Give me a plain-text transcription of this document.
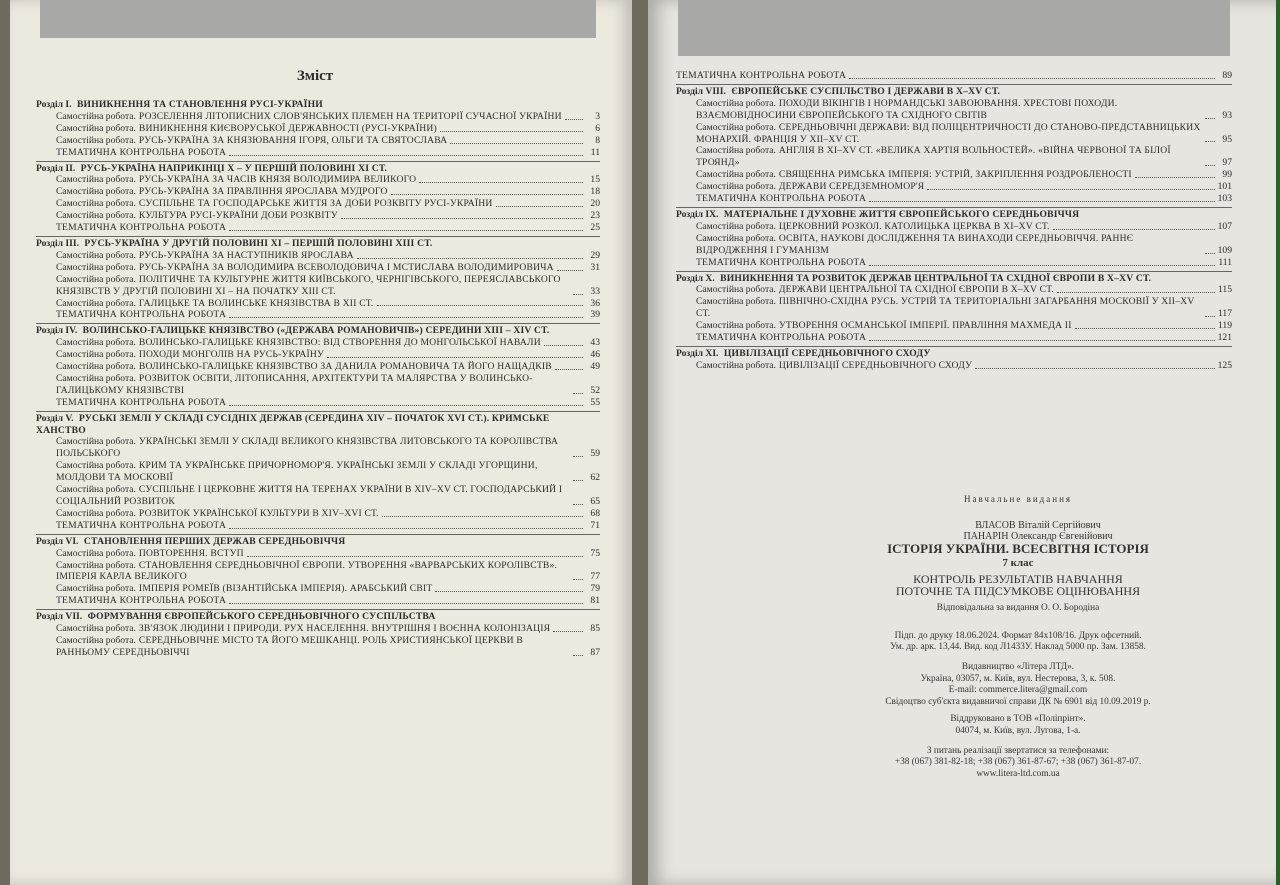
Зміст
Розділ I. ВИНИКНЕННЯ ТА СТАНОВЛЕННЯ РУСІ-УКРАЇНИ
Самостійна робота. РОЗСЕЛЕННЯ ЛІТОПИСНИХ СЛОВ'ЯНСЬКИХ ПЛЕМЕН НА ТЕРИТОРІЇ СУЧАСНОЇ УКРАЇНИ	3
Самостійна робота. ВИНИКНЕННЯ КИЄВОРУСЬКОЇ ДЕРЖАВНОСТІ (РУСІ-УКРАЇНИ)	6
Самостійна робота. РУСЬ-УКРАЇНА ЗА КНЯЗЮВАННЯ ІГОРЯ, ОЛЬГИ ТА СВЯТОСЛАВА	8
ТЕМАТИЧНА КОНТРОЛЬНА РОБОТА	11
Розділ II. РУСЬ-УКРАЇНА НАПРИКІНЦІ X – У ПЕРШІЙ ПОЛОВИНІ XI СТ.
Самостійна робота. РУСЬ-УКРАЇНА ЗА ЧАСІВ КНЯЗЯ ВОЛОДИМИРА ВЕЛИКОГО	15
Самостійна робота. РУСЬ-УКРАЇНА ЗА ПРАВЛІННЯ ЯРОСЛАВА МУДРОГО	18
Самостійна робота. СУСПІЛЬНЕ ТА ГОСПОДАРСЬКЕ ЖИТТЯ ЗА ДОБИ РОЗКВІТУ РУСІ-УКРАЇНИ	20
Самостійна робота. КУЛЬТУРА РУСІ-УКРАЇНИ ДОБИ РОЗКВІТУ	23
ТЕМАТИЧНА КОНТРОЛЬНА РОБОТА	25
Розділ III. РУСЬ-УКРАЇНА У ДРУГІЙ ПОЛОВИНІ XI – ПЕРШІЙ ПОЛОВИНІ XIII СТ.
Самостійна робота. РУСЬ-УКРАЇНА ЗА НАСТУПНИКІВ ЯРОСЛАВА	29
Самостійна робота. РУСЬ-УКРАЇНА ЗА ВОЛОДИМИРА ВСЕВОЛОДОВИЧА І МСТИСЛАВА ВОЛОДИМИРОВИЧА	31
Самостійна робота. ПОЛІТИЧНЕ ТА КУЛЬТУРНЕ ЖИТТЯ КИЇВСЬКОГО, ЧЕРНІГІВСЬКОГО, ПЕРЕЯСЛАВСЬКОГО КНЯЗІВСТВ У ДРУГІЙ ПОЛОВИНІ XI – НА ПОЧАТКУ XIII СТ.	33
Самостійна робота. ГАЛИЦЬКЕ ТА ВОЛИНСЬКЕ КНЯЗІВСТВА В XII СТ.	36
ТЕМАТИЧНА КОНТРОЛЬНА РОБОТА	39
Розділ IV. ВОЛИНСЬКО-ГАЛИЦЬКЕ КНЯЗІВСТВО («ДЕРЖАВА РОМАНОВИЧІВ») СЕРЕДИНИ XIII – XIV СТ.
Самостійна робота. ВОЛИНСЬКО-ГАЛИЦЬКЕ КНЯЗІВСТВО: ВІД СТВОРЕННЯ ДО МОНГОЛЬСЬКОЇ НАВАЛИ	43
Самостійна робота. ПОХОДИ МОНГОЛІВ НА РУСЬ-УКРАЇНУ	46
Самостійна робота. ВОЛИНСЬКО-ГАЛИЦЬКЕ КНЯЗІВСТВО ЗА ДАНИЛА РОМАНОВИЧА ТА ЙОГО НАЩАДКІВ	49
Самостійна робота. РОЗВИТОК ОСВІТИ, ЛІТОПИСАННЯ, АРХІТЕКТУРИ ТА МАЛЯРСТВА У ВОЛИНСЬКО-ГАЛИЦЬКОМУ КНЯЗІВСТВІ	52
ТЕМАТИЧНА КОНТРОЛЬНА РОБОТА	55
Розділ V. РУСЬКІ ЗЕМЛІ У СКЛАДІ СУСІДНІХ ДЕРЖАВ (СЕРЕДИНА XIV – ПОЧАТОК XVI СТ.). КРИМСЬКЕ ХАНСТВО
Самостійна робота. УКРАЇНСЬКІ ЗЕМЛІ У СКЛАДІ ВЕЛИКОГО КНЯЗІВСТВА ЛИТОВСЬКОГО ТА КОРОЛІВСТВА ПОЛЬСЬКОГО	59
Самостійна робота. КРИМ ТА УКРАЇНСЬКЕ ПРИЧОРНОМОР'Я. УКРАЇНСЬКІ ЗЕМЛІ У СКЛАДІ УГОРЩИНИ, МОЛДОВИ ТА МОСКОВІЇ	62
Самостійна робота. СУСПІЛЬНЕ І ЦЕРКОВНЕ ЖИТТЯ НА ТЕРЕНАХ УКРАЇНИ В XIV–XV СТ. ГОСПОДАРСЬКИЙ І СОЦІАЛЬНИЙ РОЗВИТОК	65
Самостійна робота. РОЗВИТОК УКРАЇНСЬКОЇ КУЛЬТУРИ В XIV–XVI СТ.	68
ТЕМАТИЧНА КОНТРОЛЬНА РОБОТА	71
Розділ VI. СТАНОВЛЕННЯ ПЕРШИХ ДЕРЖАВ СЕРЕДНЬОВІЧЧЯ
Самостійна робота. ПОВТОРЕННЯ. ВСТУП	75
Самостійна робота. СТАНОВЛЕННЯ СЕРЕДНЬОВІЧНОЇ ЄВРОПИ. УТВОРЕННЯ «ВАРВАРСЬКИХ КОРОЛІВСТВ». ІМПЕРІЯ КАРЛА ВЕЛИКОГО	77
Самостійна робота. ІМПЕРІЯ РОМЕЇВ (ВІЗАНТІЙСЬКА ІМПЕРІЯ). АРАБСЬКИЙ СВІТ	79
ТЕМАТИЧНА КОНТРОЛЬНА РОБОТА	81
Розділ VII. ФОРМУВАННЯ ЄВРОПЕЙСЬКОГО СЕРЕДНЬОВІЧНОГО СУСПІЛЬСТВА
Самостійна робота. ЗВ'ЯЗОК ЛЮДИНИ І ПРИРОДИ. РУХ НАСЕЛЕННЯ. ВНУТРІШНЯ І ВОЄННА КОЛОНІЗАЦІЯ	85
Самостійна робота. СЕРЕДНЬОВІЧНЕ МІСТО ТА ЙОГО МЕШКАНЦІ. РОЛЬ ХРИСТИЯНСЬКОЇ ЦЕРКВИ В РАННЬОМУ СЕРЕДНЬОВІЧЧІ	87
ТЕМАТИЧНА КОНТРОЛЬНА РОБОТА	89
Розділ VIII. ЄВРОПЕЙСЬКЕ СУСПІЛЬСТВО І ДЕРЖАВИ В X–XV СТ.
Самостійна робота. ПОХОДИ ВІКІНГІВ І НОРМАНДСЬКІ ЗАВОЮВАННЯ. ХРЕСТОВІ ПОХОДИ. ВЗАЄМОВІДНОСИНИ ЄВРОПЕЙСЬКОГО ТА СХІДНОГО СВІТІВ	93
Самостійна робота. СЕРЕДНЬОВІЧНІ ДЕРЖАВИ: ВІД ПОЛІЦЕНТРИЧНОСТІ ДО СТАНОВО-ПРЕДСТАВНИЦЬКИХ МОНАРХІЙ. ФРАНЦІЯ У XII–XV СТ.	95
Самостійна робота. АНГЛІЯ В XI–XV СТ. «ВЕЛИКА ХАРТІЯ ВОЛЬНОСТЕЙ». «ВІЙНА ЧЕРВОНОЇ ТА БІЛОЇ ТРОЯНД»	97
Самостійна робота. СВЯЩЕННА РИМСЬКА ІМПЕРІЯ: УСТРІЙ, ЗАКРІПЛЕННЯ РОЗДРОБЛЕНОСТІ	99
Самостійна робота. ДЕРЖАВИ СЕРЕДЗЕМНОМОР'Я	101
ТЕМАТИЧНА КОНТРОЛЬНА РОБОТА	103
Розділ IX. МАТЕРІАЛЬНЕ І ДУХОВНЕ ЖИТТЯ ЄВРОПЕЙСЬКОГО СЕРЕДНЬОВІЧЧЯ
Самостійна робота. ЦЕРКОВНИЙ РОЗКОЛ. КАТОЛИЦЬКА ЦЕРКВА В XI–XV СТ.	107
Самостійна робота. ОСВІТА, НАУКОВІ ДОСЛІДЖЕННЯ ТА ВИНАХОДИ СЕРЕДНЬОВІЧЧЯ. РАННЄ ВІДРОДЖЕННЯ І ГУМАНІЗМ	109
ТЕМАТИЧНА КОНТРОЛЬНА РОБОТА	111
Розділ X. ВИНИКНЕННЯ ТА РОЗВИТОК ДЕРЖАВ ЦЕНТРАЛЬНОЇ ТА СХІДНОЇ ЄВРОПИ В X–XV СТ.
Самостійна робота. ДЕРЖАВИ ЦЕНТРАЛЬНОЇ ТА СХІДНОЇ ЄВРОПИ В X–XV СТ.	115
Самостійна робота. ПІВНІЧНО-СХІДНА РУСЬ. УСТРІЙ ТА ТЕРИТОРІАЛЬНІ ЗАГАРБАННЯ МОСКОВІЇ У XII–XV СТ.	117
Самостійна робота. УТВОРЕННЯ ОСМАНСЬКОЇ ІМПЕРІЇ. ПРАВЛІННЯ МАХМЕДА II	119
ТЕМАТИЧНА КОНТРОЛЬНА РОБОТА	121
Розділ XI. ЦИВІЛІЗАЦІЇ СЕРЕДНЬОВІЧНОГО СХОДУ
Самостійна робота. ЦИВІЛІЗАЦІЇ СЕРЕДНЬОВІЧНОГО СХОДУ	125
Навчальне видання
ВЛАСОВ Віталій Сергійович
ПАНАРІН Олександр Євгенійович
ІСТОРІЯ УКРАЇНИ. ВСЕСВІТНЯ ІСТОРІЯ
7 клас
КОНТРОЛЬ РЕЗУЛЬТАТІВ НАВЧАННЯ
ПОТОЧНЕ ТА ПІДСУМКОВЕ ОЦІНЮВАННЯ
Відповідальна за видання О. О. Бородіна
Підп. до друку 18.06.2024. Формат 84х108/16. Друк офсетний.
Ум. др. арк. 13,44. Вид. код Л1433У. Наклад 5000 пр. Зам. 13858.
Видавництво «Літера ЛТД».
Україна, 03057, м. Київ, вул. Нестерова, 3, к. 508.
E-mail: commerce.litera@gmail.com
Свідоцтво суб'єкта видавничої справи ДК № 6901 від 10.09.2019 р.
Віддруковано в ТОВ «Поліпрінт».
04074, м. Київ, вул. Лугова, 1-а.
З питань реалізації звертатися за телефонами:
+38 (067) 381-82-18; +38 (067) 361-87-67; +38 (067) 361-87-07.
www.litera-ltd.com.ua
